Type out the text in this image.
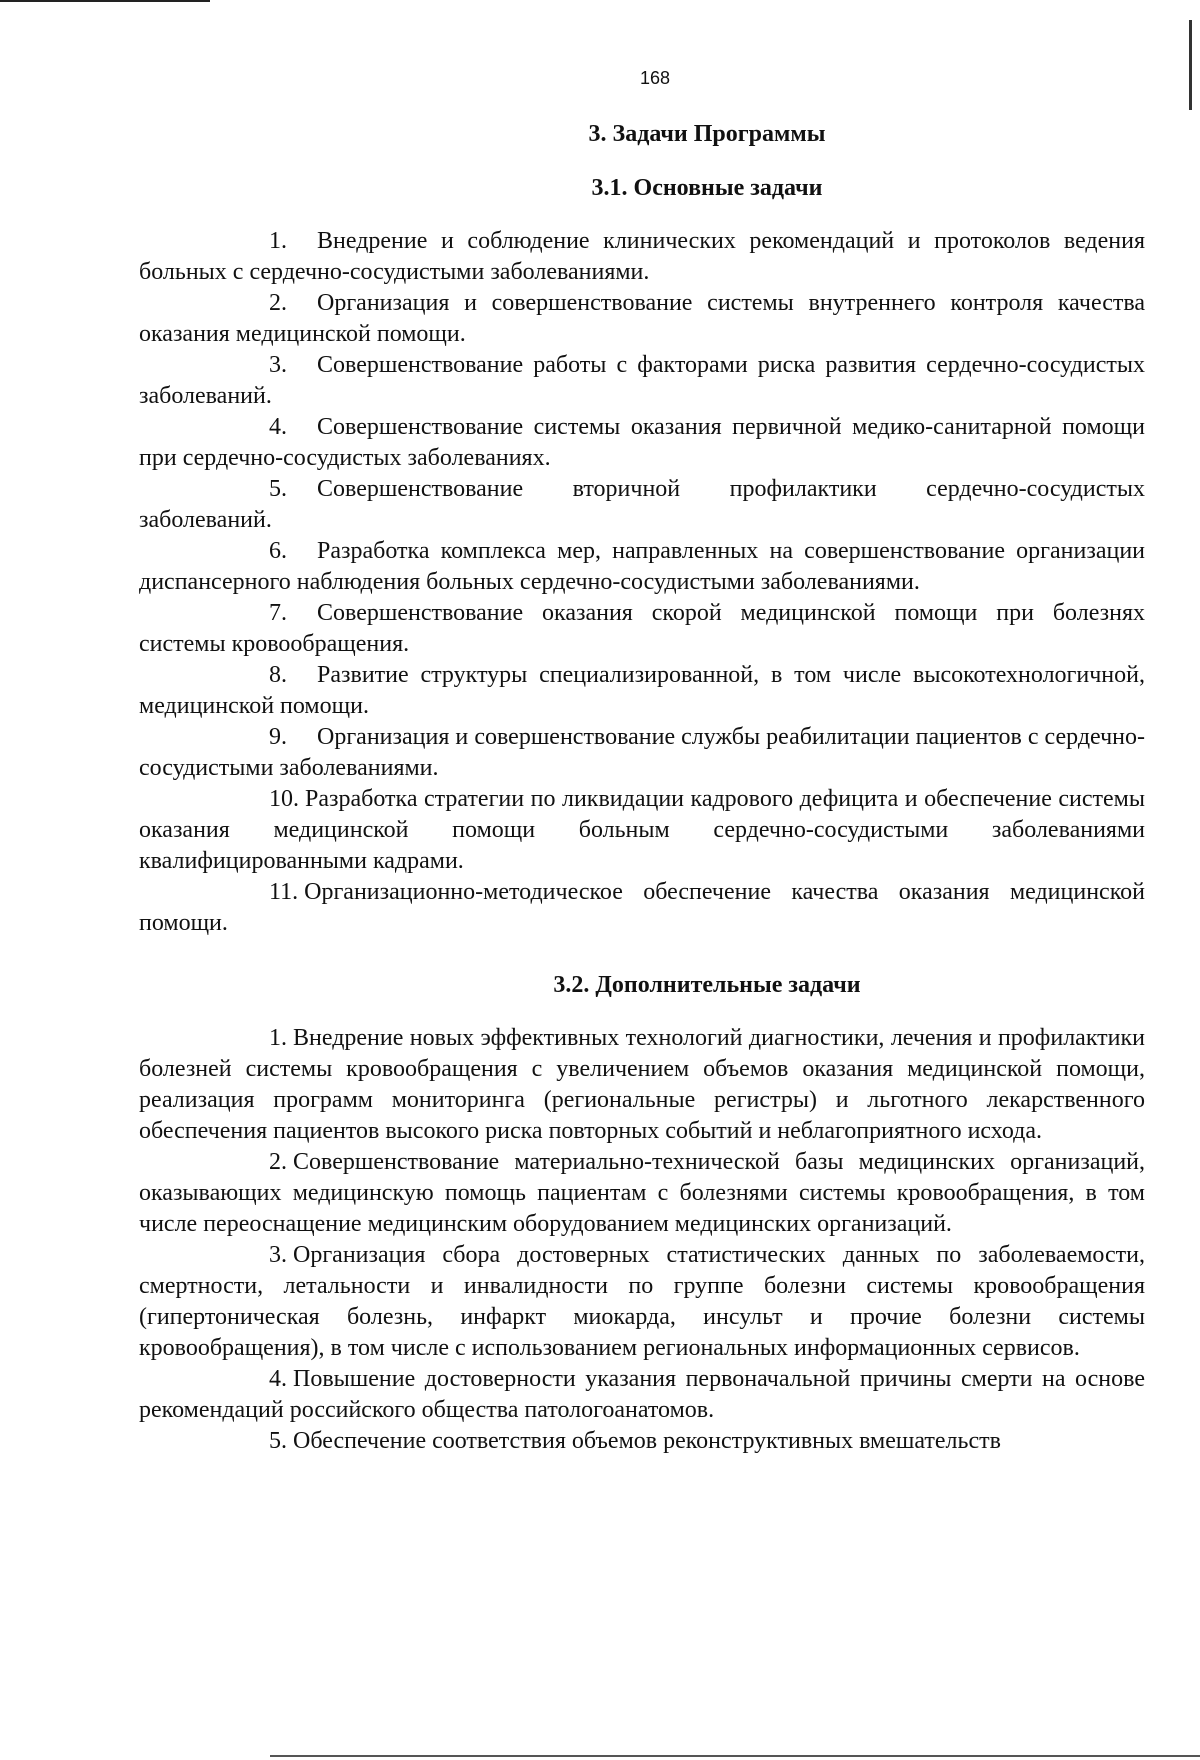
168
3. Задачи Программы
3.1. Основные задачи

1. Внедрение и соблюдение клинических рекомендаций и протоколов ведения больных с сердечно-сосудистыми заболеваниями.

2. Организация и совершенствование системы внутреннего контроля качества оказания медицинской помощи.

3. Совершенствование работы с факторами риска развития сердечно-сосудистых заболеваний.

4. Совершенствование системы оказания первичной медико-санитарной помощи при сердечно-сосудистых заболеваниях.

5. Совершенствование вторичной профилактики сердечно-сосудистых заболеваний.

6. Разработка комплекса мер, направленных на совершенствование организации диспансерного наблюдения больных сердечно-сосудистыми заболеваниями.

7. Совершенствование оказания скорой медицинской помощи при болезнях системы кровообращения.

8. Развитие структуры специализированной, в том числе высокотехнологичной, медицинской помощи.

9. Организация и совершенствование службы реабилитации пациентов с сердечно-сосудистыми заболеваниями.

10. Разработка стратегии по ликвидации кадрового дефицита и обеспечение системы оказания медицинской помощи больным сердечно-сосудистыми заболеваниями квалифицированными кадрами.

11. Организационно-методическое обеспечение качества оказания медицинской помощи.

3.2. Дополнительные задачи

1. Внедрение новых эффективных технологий диагностики, лечения и профилактики болезней системы кровообращения с увеличением объемов оказания медицинской помощи, реализация программ мониторинга (региональные регистры) и льготного лекарственного обеспечения пациентов высокого риска повторных событий и неблагоприятного исхода.

2. Совершенствование материально-технической базы медицинских организаций, оказывающих медицинскую помощь пациентам с болезнями системы кровообращения, в том числе переоснащение медицинским оборудованием медицинских организаций.

3. Организация сбора достоверных статистических данных по заболеваемости, смертности, летальности и инвалидности по группе болезни системы кровообращения (гипертоническая болезнь, инфаркт миокарда, инсульт и прочие болезни системы кровообращения), в том числе с использованием региональных информационных сервисов.

4. Повышение достоверности указания первоначальной причины смерти на основе рекомендаций российского общества патологоанатомов.

5. Обеспечение соответствия объемов реконструктивных вмешательств
